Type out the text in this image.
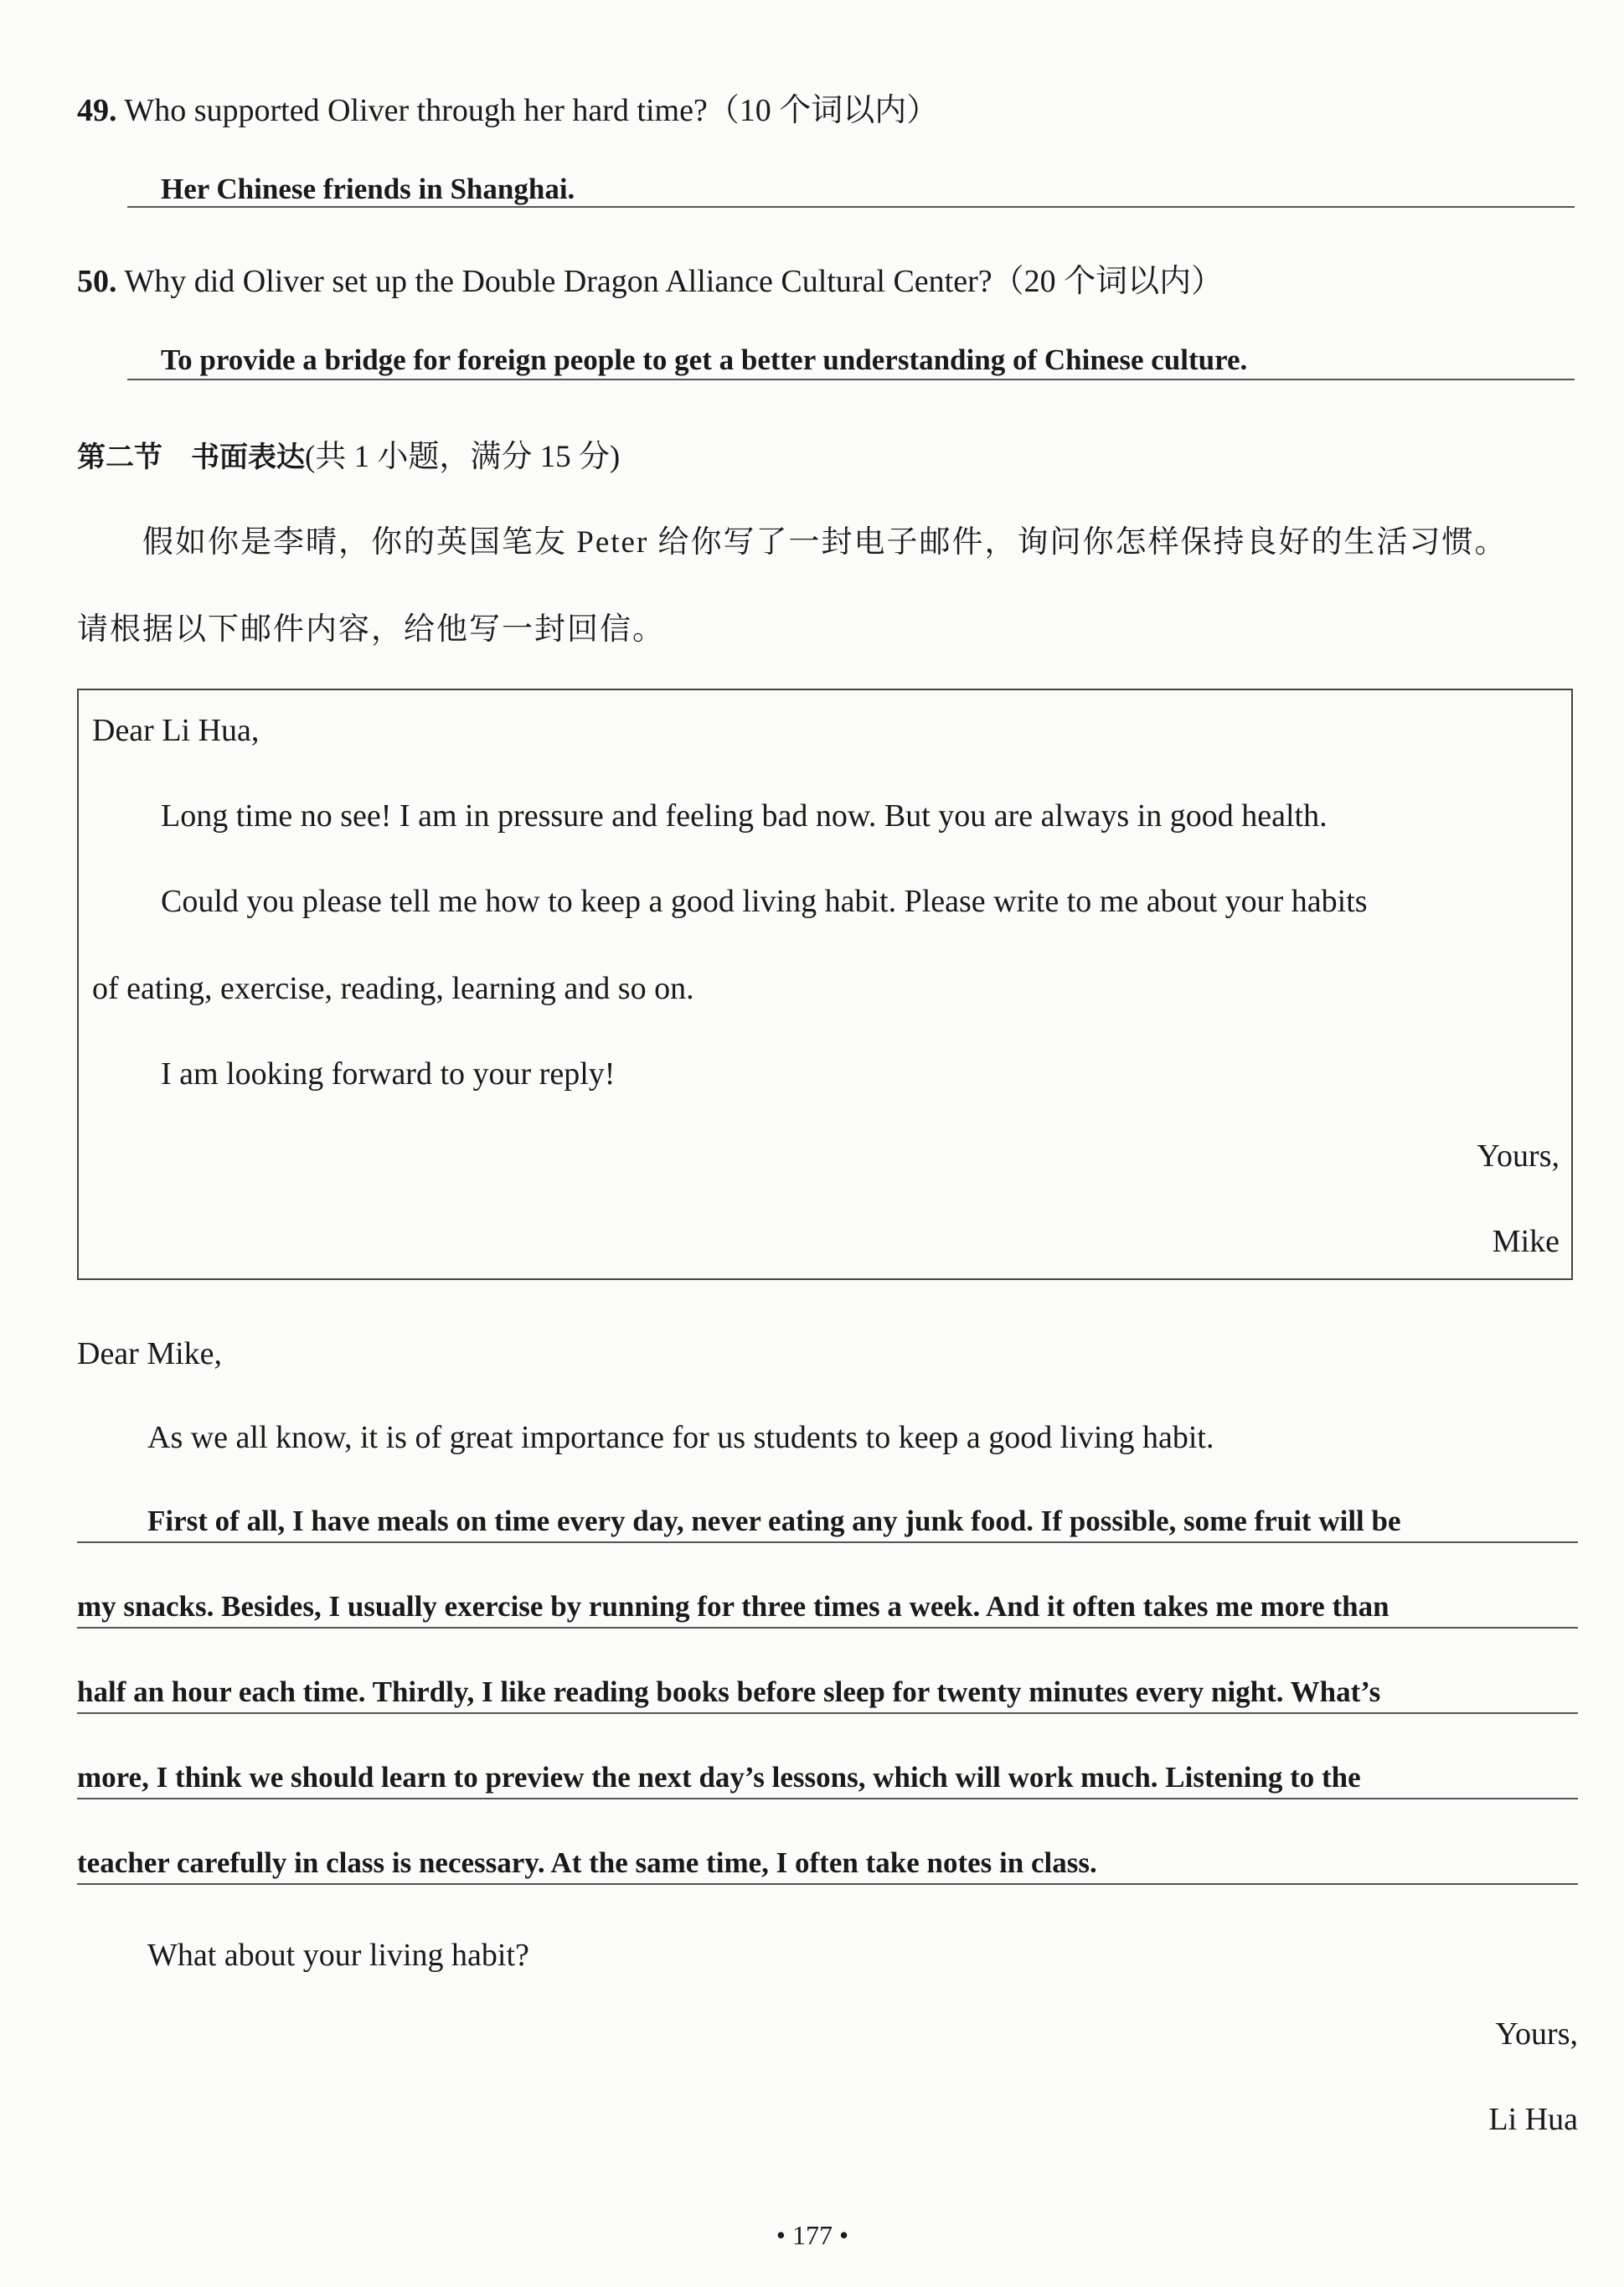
49. Who supported Oliver through her hard time?（10 个词以内）
Her Chinese friends in Shanghai.
50. Why did Oliver set up the Double Dragon Alliance Cultural Center?（20 个词以内）
To provide a bridge for foreign people to get a better understanding of Chinese culture.
第二节　书面表达(共 1 小题，满分 15 分)
假如你是李晴，你的英国笔友 Peter 给你写了一封电子邮件，询问你怎样保持良好的生活习惯。
请根据以下邮件内容，给他写一封回信。
Dear Li Hua,
Long time no see! I am in pressure and feeling bad now. But you are always in good health.
Could you please tell me how to keep a good living habit. Please write to me about your habits
of eating, exercise, reading, learning and so on.
I am looking forward to your reply!
Yours,
Mike
Dear Mike,
As we all know, it is of great importance for us students to keep a good living habit.
First of all, I have meals on time every day, never eating any junk food. If possible, some fruit will be
my snacks. Besides, I usually exercise by running for three times a week. And it often takes me more than
half an hour each time. Thirdly, I like reading books before sleep for twenty minutes every night. What’s
more, I think we should learn to preview the next day’s lessons, which will work much. Listening to the
teacher carefully in class is necessary. At the same time, I often take notes in class.
What about your living habit?
Yours,
Li Hua
• 177 •
